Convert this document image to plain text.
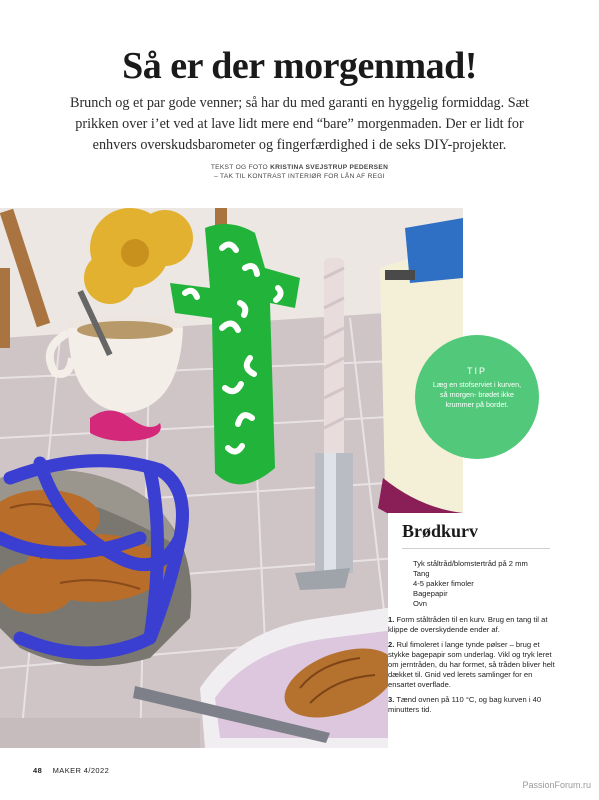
Så er der morgenmad!

Brunch og et par gode venner; så har du med garanti en hyggelig formiddag. Sæt prikken over i’et ved at lave lidt mere end “bare” morgenmaden. Der er lidt for enhvers overskudsbarometer og fingerfærdighed i de seks DIY-projekter.

TEKST OG FOTO KRISTINA SVEJSTRUP PEDERSEN
– TAK TIL KONTRAST INTERIØR FOR LÅN AF REGI
TIP
Læg en stofserviet i kurven, så morgen- brødet ikke krummer på bordet.
Brødkurv
Tyk ståltråd/blomstertråd på 2 mm
Tang
4-5 pakker fimoler
Bagepapir
Ovn
1. Form ståltråden til en kurv. Brug en tang til at klippe de overskydende ender af.
2. Rul fimoleret i lange tynde pølser – brug et stykke bagepapir som underlag. Vikl og tryk leret om jerntråden, du har formet, så tråden bliver helt dækket til. Gnid ved lerets samlinger for en ensartet overflade.
3. Tænd ovnen på 110 °C, og bag kurven i 40 minutters tid.
48 MAKER 4/2022
PassionForum.ru
